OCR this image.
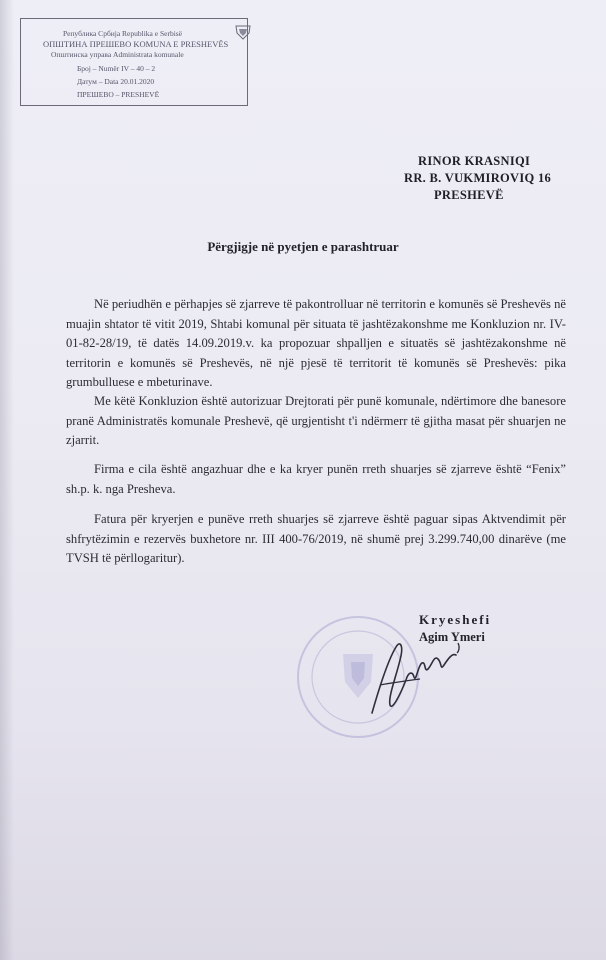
Република Србија Republika e Serbisë
ОПШТИНА ПРЕШЕВО KOMUNA E PRESHEVËS
Општинска управа Administrata komunale
Број – Numër IV – 40 – 2
Датум – Data 20.01.2020
ПРЕШЕВО – PRESHEVË
RINOR KRASNIQI
RR. B. VUKMIROVIQ 16
PRESHEVË
Përgjigje në pyetjen e parashtruar
Në periudhën e përhapjes së zjarreve të pakontrolluar në territorin e komunës së Preshevës në muajin shtator të vitit 2019, Shtabi komunal për situata të jashtëzakonshme me Konkluzion nr. IV-01-82-28/19, të datës 14.09.2019.v. ka propozuar shpalljen e situatës së jashtëzakonshme në territorin e komunës së Preshevës, në një pjesë të territorit të komunës së Preshevës: pika grumbulluese e mbeturinave.
Me këtë Konkluzion është autorizuar Drejtorati për punë komunale, ndërtimore dhe banesore pranë Administratës komunale Preshevë, që urgjentisht t'i ndërmerr të gjitha masat për shuarjen ne zjarrit.
Firma e cila është angazhuar dhe e ka kryer punën rreth shuarjes së zjarreve është “Fenix” sh.p. k. nga Presheva.
Fatura për kryerjen e punëve rreth shuarjes së zjarreve është paguar sipas Aktvendimit për shfrytëzimin e rezervës buxhetore nr. III 400-76/2019, në shumë prej 3.299.740,00 dinarëve (me TVSH të përllogaritur).
Kryeshefi
Agim Ymeri
